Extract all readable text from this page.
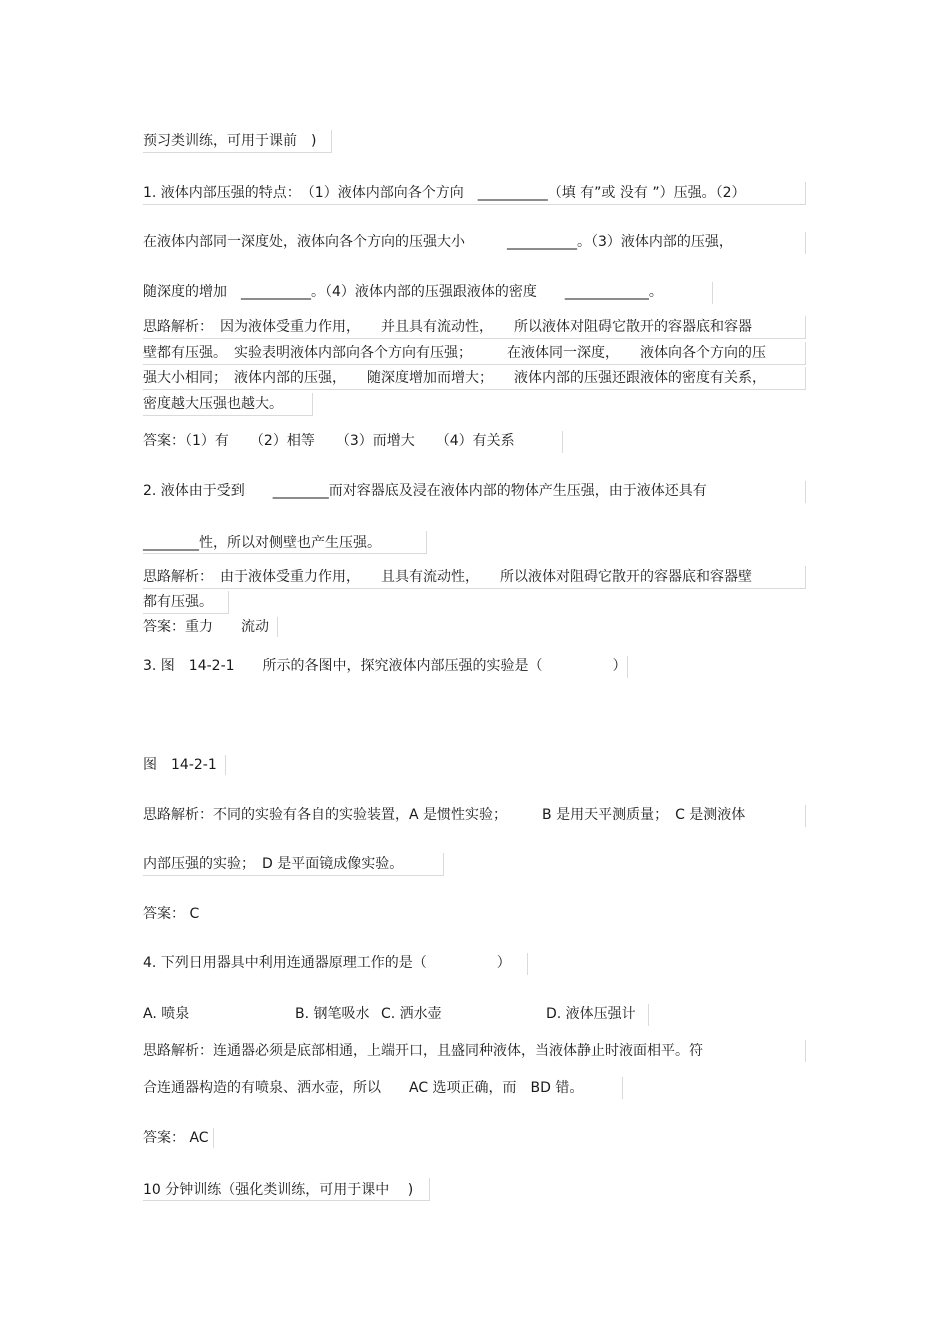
预习类训练，可用于课前　)
1. 液体内部压强的特点：　（1）液体内部向各个方向　__________（填 有”或 没有 ”）压强。（2）
在液体内部同一深度处，液体向各个方向的压强大小　　　__________。（3）液体内部的压强，
随深度的增加　__________。（4）液体内部的压强跟液体的密度　　____________。
思路解析：　因为液体受重力作用，　　并且具有流动性，　　所以液体对阻碍它散开的容器底和容器
壁都有压强。　实验表明液体内部向各个方向有压强；　　　在液体同一深度，　　液体向各个方向的压
强大小相同；　液体内部的压强，　　随深度增加而增大；　　液体内部的压强还跟液体的密度有关系，
密度越大压强也越大。
答案：（1）有　　（2）相等　　（3）而增大　　（4）有关系
2. 液体由于受到　　________而对容器底及浸在液体内部的物体产生压强，由于液体还具有
________性，所以对侧壁也产生压强。
思路解析：　由于液体受重力作用，　　且具有流动性，　　所以液体对阻碍它散开的容器底和容器壁
都有压强。
答案：重力　　流动
3. 图　14-2-1　　所示的各图中，探究液体内部压强的实验是（　　　　　）
图　14-2-1
思路解析：不同的实验有各自的实验装置，A 是惯性实验；　　　B 是用天平测质量；　C 是测液体
内部压强的实验；　D 是平面镜成像实验。
答案： C
4. 下列日用器具中利用连通器原理工作的是（　　　　　）
A. 喷泉	B. 钢笔吸水 C. 洒水壶	D. 液体压强计
思路解析：连通器必须是底部相通，上端开口，且盛同种液体，当液体静止时液面相平。符
合连通器构造的有喷泉、洒水壶，所以　　AC 选项正确，而　BD 错。
答案： AC
10 分钟训练（强化类训练，可用于课中　 )
